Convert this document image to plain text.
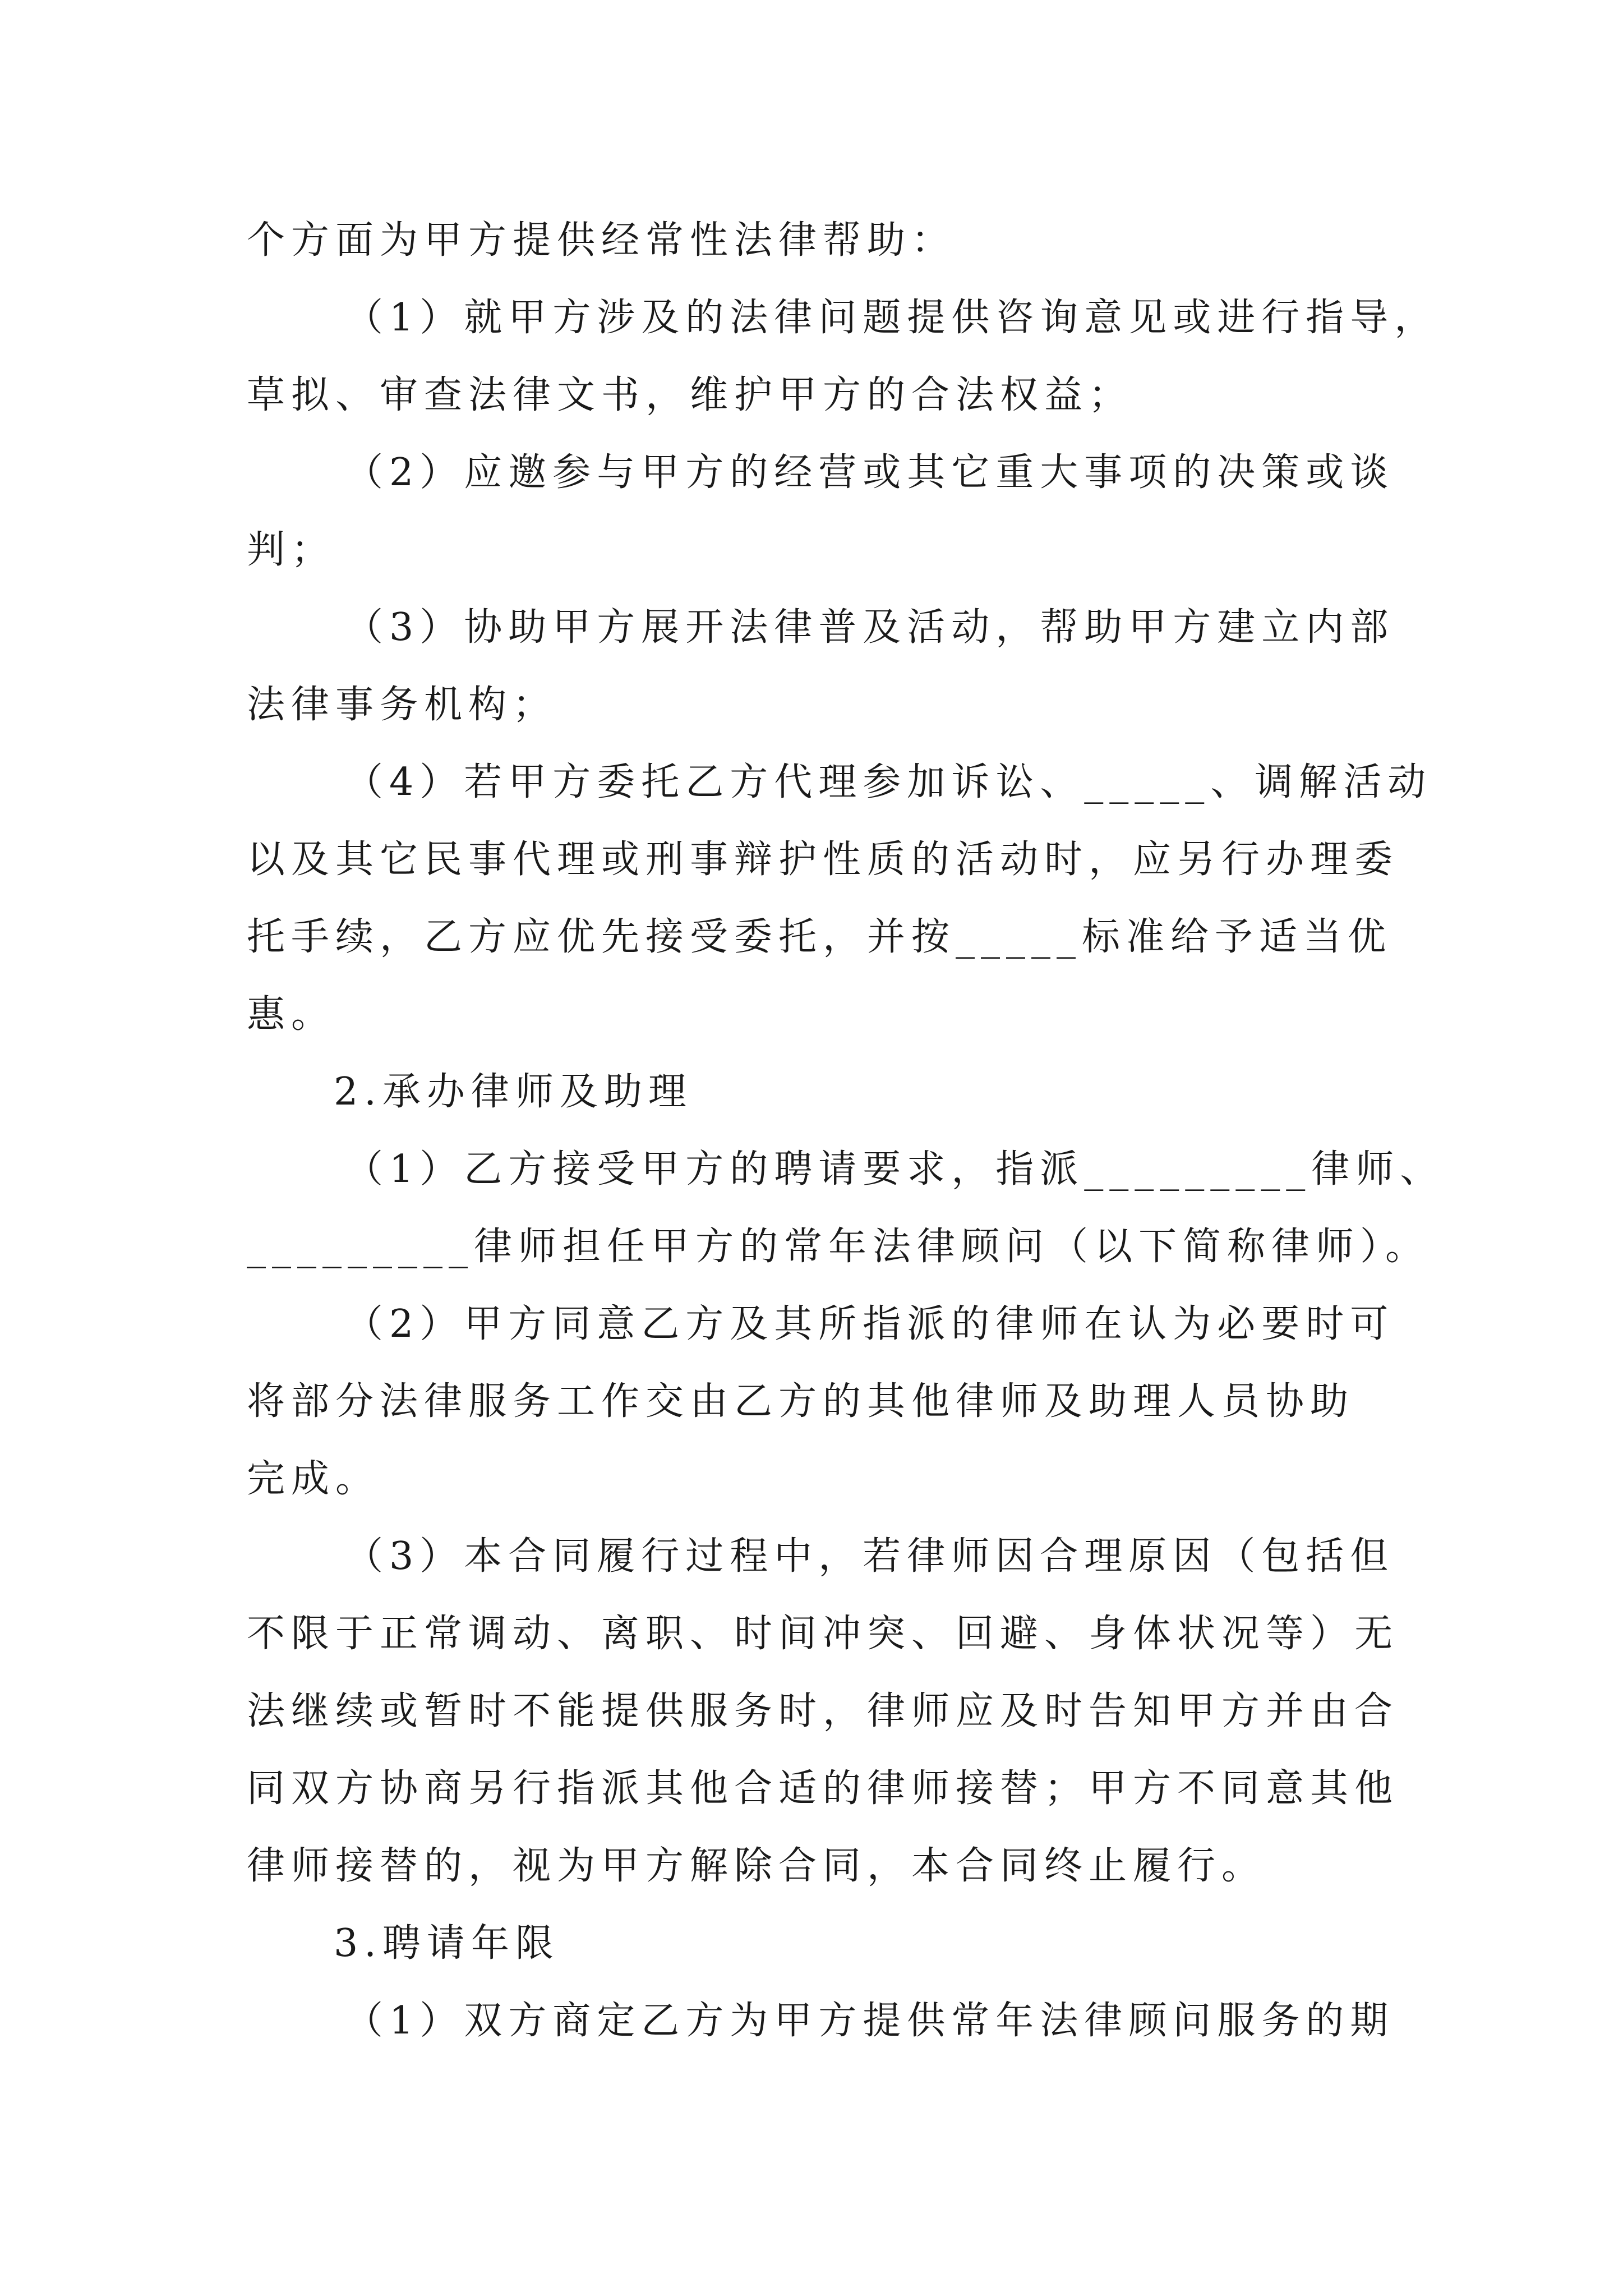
个方面为甲方提供经常性法律帮助：

（1）就甲方涉及的法律问题提供咨询意见或进行指导，
草拟、审查法律文书，维护甲方的合法权益；

（2）应邀参与甲方的经营或其它重大事项的决策或谈
判；

（3）协助甲方展开法律普及活动，帮助甲方建立内部
法律事务机构；

（4）若甲方委托乙方代理参加诉讼、_____、调解活动
以及其它民事代理或刑事辩护性质的活动时，应另行办理委
托手续，乙方应优先接受委托，并按_____标准给予适当优
惠。

2.承办律师及助理

（1）乙方接受甲方的聘请要求，指派_________律师、
_________律师担任甲方的常年法律顾问（以下简称律师）。

（2）甲方同意乙方及其所指派的律师在认为必要时可
将部分法律服务工作交由乙方的其他律师及助理人员协助
完成。

（3）本合同履行过程中，若律师因合理原因（包括但
不限于正常调动、离职、时间冲突、回避、身体状况等）无
法继续或暂时不能提供服务时，律师应及时告知甲方并由合
同双方协商另行指派其他合适的律师接替；甲方不同意其他
律师接替的，视为甲方解除合同，本合同终止履行。

3.聘请年限

（1）双方商定乙方为甲方提供常年法律顾问服务的期
